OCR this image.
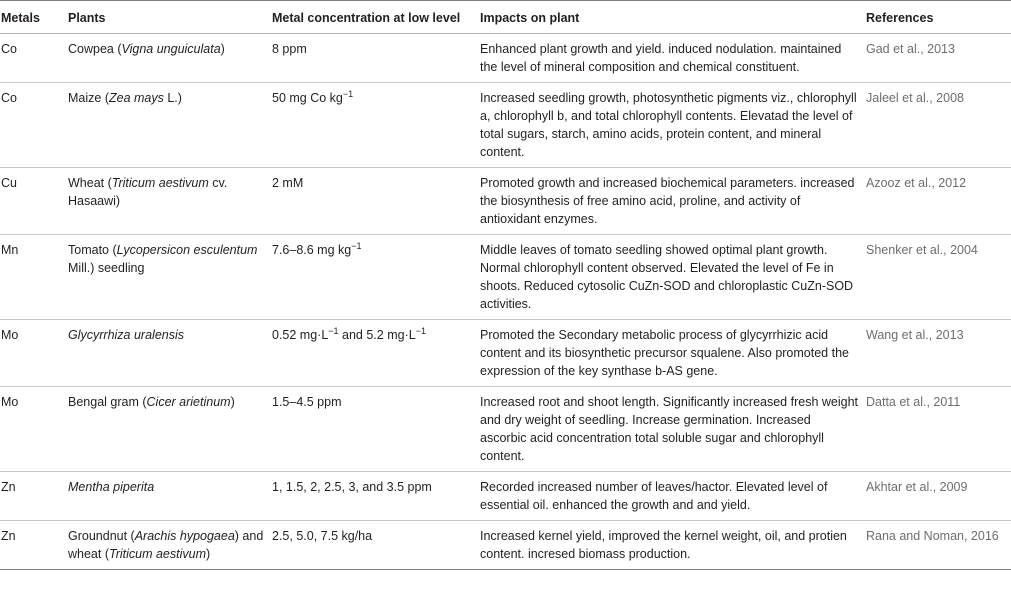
Metals	Plants	Metal concentration at low level	Impacts on plant	References
Co	Cowpea (Vigna unguiculata)	8 ppm	Enhanced plant growth and yield. induced nodulation. maintained the level of mineral composition and chemical constituent.	Gad et al., 2013
Co	Maize (Zea mays L.)	50 mg Co $kg^{-1}$	Increased seedling growth, photosynthetic pigments viz., chlorophyll a, chlorophyll b, and total chlorophyll contents. Elevatad the level of total sugars, starch, amino acids, protein content, and mineral content.	Jaleel et al., 2008
Cu	Wheat (Triticum aestivum cv. Hasaawi)	2 mM	Promoted growth and increased biochemical parameters. increased the biosynthesis of free amino acid, proline, and activity of antioxidant enzymes.	Azooz et al., 2012
Mn	Tomato (Lycopersicon esculentum Mill.) seedling	7.6–8.6 mg $kg^{-1}$	Middle leaves of tomato seedling showed optimal plant growth. Normal chlorophyll content observed. Elevated the level of Fe in shoots. Reduced cytosolic CuZn-SOD and chloroplastic CuZn-SOD activities.	Shenker et al., 2004
Mo	Glycyrrhiza uralensis	0.52 $mg\cdot L^{-1}$ and 5.2 $mg\cdot L^{-1}$	Promoted the Secondary metabolic process of glycyrrhizic acid content and its biosynthetic precursor squalene. Also promoted the expression of the key synthase b-AS gene.	Wang et al., 2013
Mo	Bengal gram (Cicer arietinum)	1.5–4.5 ppm	Increased root and shoot length. Significantly increased fresh weight and dry weight of seedling. Increase germination. Increased ascorbic acid concentration total soluble sugar and chlorophyll content.	Datta et al., 2011
Zn	Mentha piperita	1, 1.5, 2, 2.5, 3, and 3.5 ppm	Recorded increased number of leaves/hactor. Elevated level of essential oil. enhanced the growth and and yield.	Akhtar et al., 2009
Zn	Groundnut (Arachis hypogaea) and wheat (Triticum aestivum)	2.5, 5.0, 7.5 kg/ha	Increased kernel yield, improved the kernel weight, oil, and protien content. incresed biomass production.	Rana and Noman, 2016
